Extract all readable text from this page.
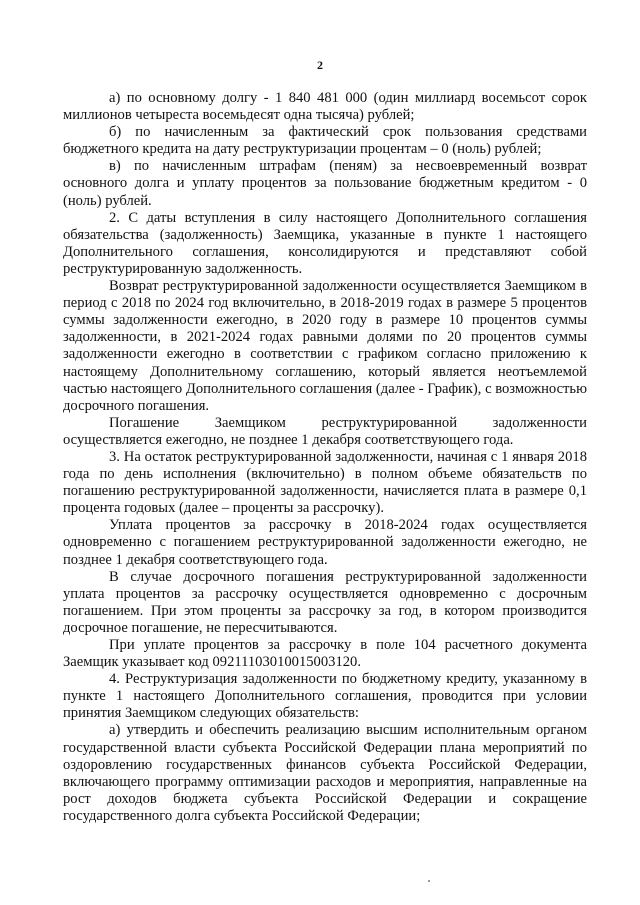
2

а) по основному долгу - 1 840 481 000 (один миллиард восемьсот сорок миллионов четыреста восемьдесят одна тысяча) рублей;

б) по начисленным за фактический срок пользования средствами бюджетного кредита на дату реструктуризации процентам – 0 (ноль) рублей;

в) по начисленным штрафам (пеням) за несвоевременный возврат основного долга и уплату процентов за пользование бюджетным кредитом - 0 (ноль) рублей.

2. С даты вступления в силу настоящего Дополнительного соглашения обязательства (задолженность) Заемщика, указанные в пункте 1 настоящего Дополнительного соглашения, консолидируются и представляют собой реструктурированную задолженность.

Возврат реструктурированной задолженности осуществляется Заемщиком в период с 2018 по 2024 год включительно, в 2018-2019 годах в размере 5 процентов суммы задолженности ежегодно, в 2020 году в размере 10 процентов суммы задолженности, в 2021-2024 годах равными долями по 20 процентов суммы задолженности ежегодно в соответствии с графиком согласно приложению к настоящему Дополнительному соглашению, который является неотъемлемой частью настоящего Дополнительного соглашения (далее - График), с возможностью досрочного погашения.

Погашение Заемщиком реструктурированной задолженности осуществляется ежегодно, не позднее 1 декабря соответствующего года.

3. На остаток реструктурированной задолженности, начиная с 1 января 2018 года по день исполнения (включительно) в полном объеме обязательств по погашению реструктурированной задолженности, начисляется плата в размере 0,1 процента годовых (далее – проценты за рассрочку).

Уплата процентов за рассрочку в 2018-2024 годах осуществляется одновременно с погашением реструктурированной задолженности ежегодно, не позднее 1 декабря соответствующего года.

В случае досрочного погашения реструктурированной задолженности уплата процентов за рассрочку осуществляется одновременно с досрочным погашением. При этом проценты за рассрочку за год, в котором производится досрочное погашение, не пересчитываются.

При уплате процентов за рассрочку в поле 104 расчетного документа Заемщик указывает код 09211103010015003120.

4. Реструктуризация задолженности по бюджетному кредиту, указанному в пункте 1 настоящего Дополнительного соглашения, проводится при условии принятия Заемщиком следующих обязательств:

а) утвердить и обеспечить реализацию высшим исполнительным органом государственной власти субъекта Российской Федерации плана мероприятий по оздоровлению государственных финансов субъекта Российской Федерации, включающего программу оптимизации расходов и мероприятия, направленные на рост доходов бюджета субъекта Российской Федерации и сокращение государственного долга субъекта Российской Федерации;
